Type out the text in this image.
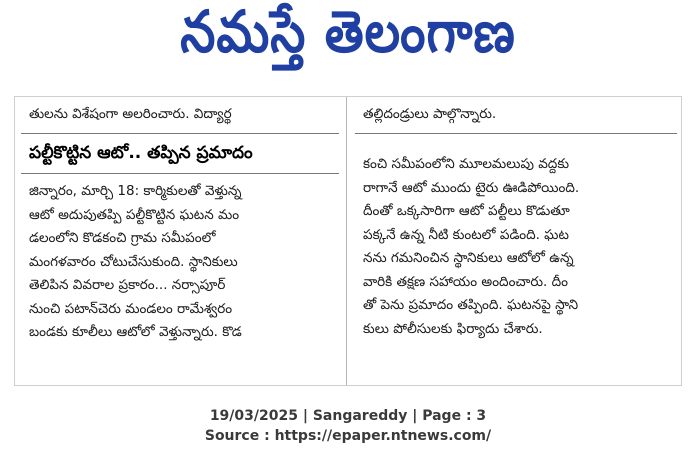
నమస్తే తెలంగాణ
తులను విశేషంగా అలరించారు. విద్యార్థ	తల్లిదండ్రులు పాల్గొన్నారు.
పల్టీకొట్టిన ఆటో.. తప్పిన ప్రమాదం
జిన్నారం, మార్చి 18: కార్మికులతో వెళ్తున్న
ఆటో అదుపుతప్పి పల్టీకొట్టిన ఘటన మం
డలంలోని కొడకంచి గ్రామ సమీపంలో
మంగళవారం చోటుచేసుకుంది. స్థానికులు
తెలిపిన వివరాల ప్రకారం... నర్సాపూర్
నుంచి పటాన్‌చెరు మండలం రామేశ్వరం
బండకు కూలీలు ఆటోలో వెళ్తున్నారు. కొడ
కంచి సమీపంలోని మూలమలుపు వద్దకు
రాగానే ఆటో ముందు టైరు ఊడిపోయింది.
దీంతో ఒక్కసారిగా ఆటో పల్టీలు కొడుతూ
పక్కనే ఉన్న నీటి కుంటలో పడింది. ఘట
నను గమనించిన స్థానికులు ఆటోలో ఉన్న
వారికి తక్షణ సహాయం అందించారు. దీం
తో పెను ప్రమాదం తప్పింది. ఘటనపై స్థాని
కులు పోలీసులకు ఫిర్యాదు చేశారు.
19/03/2025 | Sangareddy | Page : 3
Source : https://epaper.ntnews.com/
